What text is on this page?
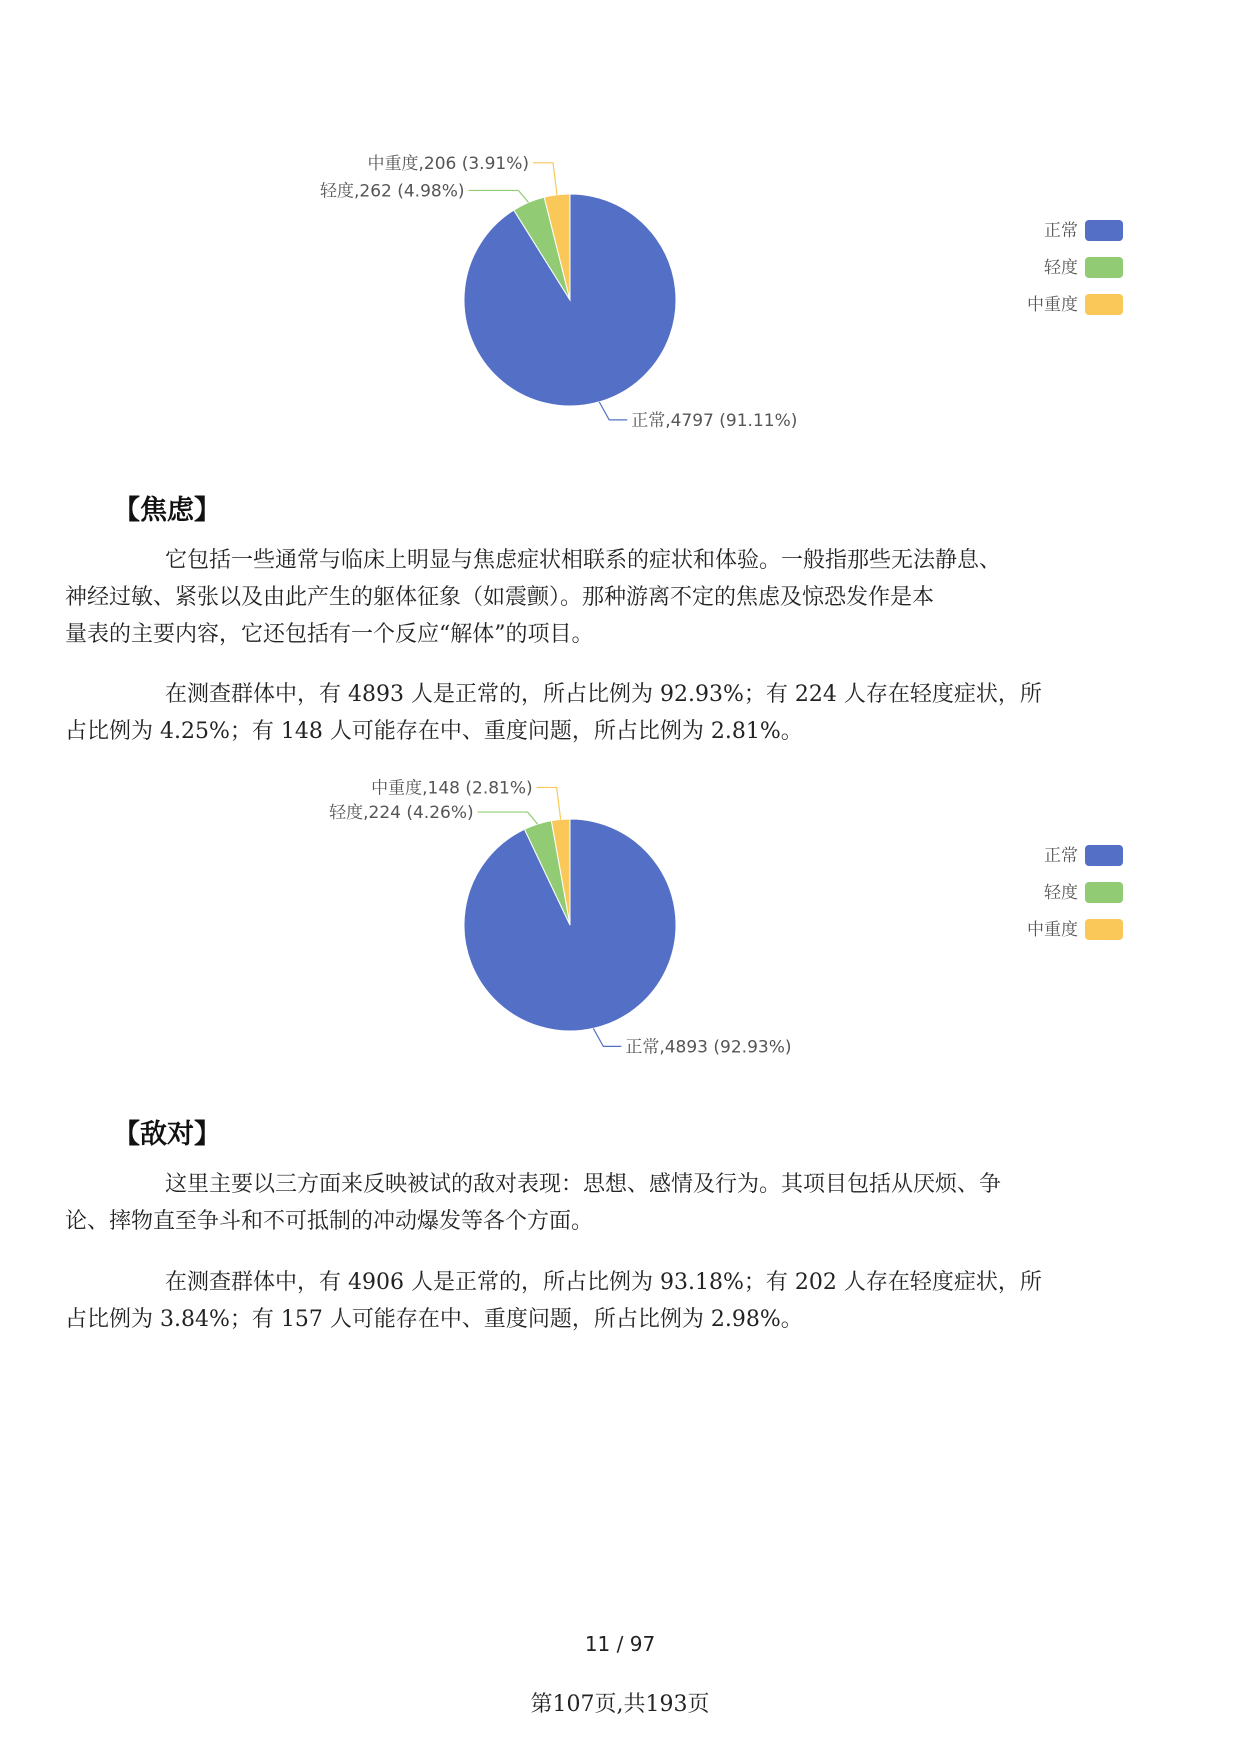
正常,4797 (91.11%)
轻度,262 (4.98%)
中重度,206 (3.91%)
正常
轻度
中重度
【焦虑】

它包括一些通常与临床上明显与焦虑症状相联系的症状和体验。一般指那些无法静息、
神经过敏、紧张以及由此产生的躯体征象（如震颤）。那种游离不定的焦虑及惊恐发作是本
量表的主要内容，它还包括有一个反应“解体”的项目。

在测查群体中，有 4893 人是正常的，所占比例为 92.93%；有 224 人存在轻度症状，所
占比例为 4.25%；有 148 人可能存在中、重度问题，所占比例为 2.81%。

正常,4893 (92.93%)
轻度,224 (4.26%)
中重度,148 (2.81%)
正常
轻度
中重度
【敌对】

这里主要以三方面来反映被试的敌对表现：思想、感情及行为。其项目包括从厌烦、争
论、摔物直至争斗和不可抵制的冲动爆发等各个方面。

在测查群体中，有 4906 人是正常的，所占比例为 93.18%；有 202 人存在轻度症状，所
占比例为 3.84%；有 157 人可能存在中、重度问题，所占比例为 2.98%。

11 / 97
第107页,共193页
